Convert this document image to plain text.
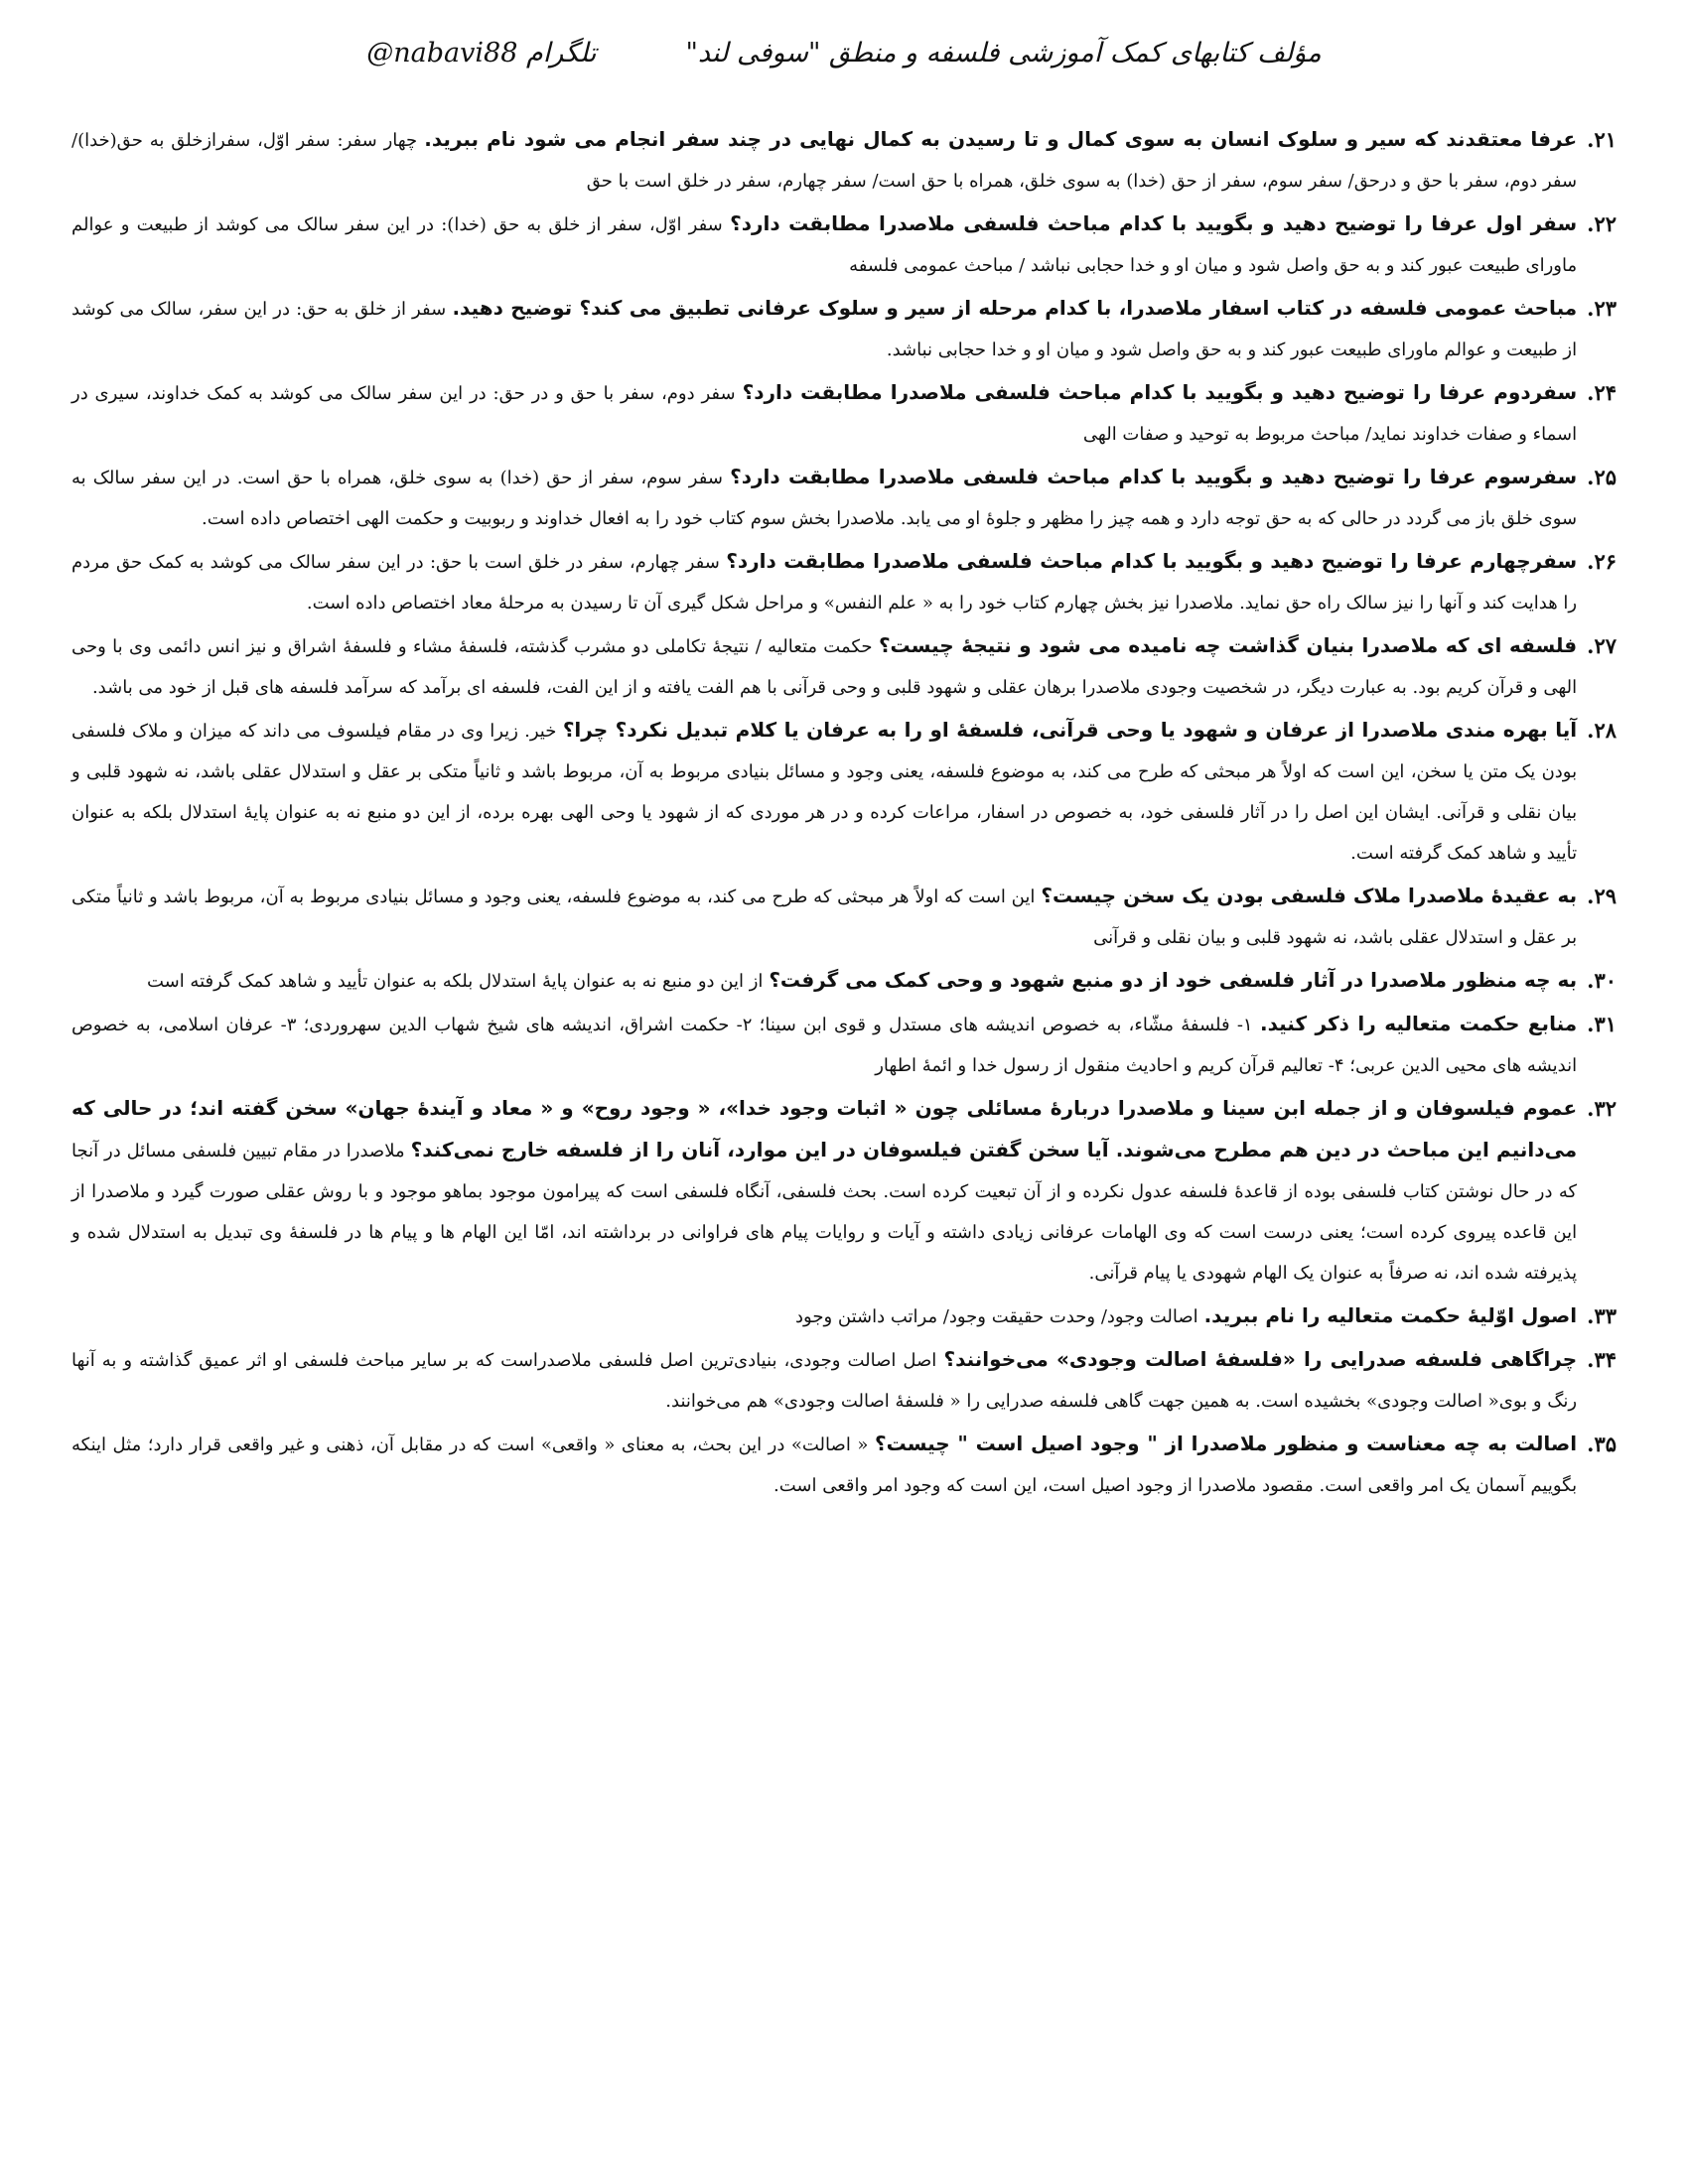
مؤلف کتابهای کمک آموزشی فلسفه و منطق "سوفی لند"
@nabavi88 تلگرام
۲۱.
عرفا معتقدند که سیر و سلوک انسان به سوی کمال و تا رسیدن به کمال نهایی در چند سفر انجام می شود نام ببرید. چهار سفر: سفر اوّل، سفرازخلق به حق(خدا)/ سفر دوم، سفر با حق و درحق/ سفر سوم، سفر از حق (خدا) به سوی خلق، همراه با حق است/ سفر چهارم، سفر در خلق است با حق
۲۲.
سفر اول عرفا را توضیح دهید و بگویید با کدام مباحث فلسفی ملاصدرا مطابقت دارد؟ سفر اوّل، سفر از خلق به حق (خدا): در این سفر سالک می کوشد از طبیعت و عوالم ماورای طبیعت عبور کند و به حق واصل شود و میان او و خدا حجابی نباشد / مباحث عمومی فلسفه
۲۳.
مباحث عمومی فلسفه در کتاب اسفار ملاصدرا، با کدام مرحله از سیر و سلوک عرفانی تطبیق می کند؟ توضیح دهید. سفر از خلق به حق: در این سفر، سالک می کوشد از طبیعت و عوالم ماورای طبیعت عبور کند و به حق واصل شود و میان او و خدا حجابی نباشد.
۲۴.
سفردوم عرفا را توضیح دهید و بگویید با کدام مباحث فلسفی ملاصدرا مطابقت دارد؟ سفر دوم، سفر با حق و در حق: در این سفر سالک می کوشد به کمک خداوند، سیری در اسماء و صفات خداوند نماید/ مباحث مربوط به توحید و صفات الهی
۲۵.
سفرسوم عرفا را توضیح دهید و بگویید با کدام مباحث فلسفی ملاصدرا مطابقت دارد؟ سفر سوم، سفر از حق (خدا) به سوی خلق، همراه با حق است. در این سفر سالک به سوی خلق باز می گردد در حالی که به حق توجه دارد و همه چیز را مظهر و جلوهٔ او می یابد. ملاصدرا بخش سوم کتاب خود را به افعال خداوند و ربوبیت و حکمت الهی اختصاص داده است.
۲۶.
سفرچهارم عرفا را توضیح دهید و بگویید با کدام مباحث فلسفی ملاصدرا مطابقت دارد؟ سفر چهارم، سفر در خلق است با حق: در این سفر سالک می کوشد به کمک حق مردم را هدایت کند و آنها را نیز سالک راه حق نماید. ملاصدرا نیز بخش چهارم کتاب خود را به « علم النفس» و مراحل شکل گیری آن تا رسیدن به مرحلهٔ معاد اختصاص داده است.
۲۷.
فلسفه ای که ملاصدرا بنیان گذاشت چه نامیده می شود و نتیجهٔ چیست؟ حکمت متعالیه / نتیجهٔ تکاملی دو مشرب گذشته، فلسفهٔ مشاء و فلسفهٔ اشراق و نیز انس دائمی وی با وحی الهی و قرآن کریم بود. به عبارت دیگر، در شخصیت وجودی ملاصدرا برهان عقلی و شهود قلبی و وحی قرآنی با هم الفت یافته و از این الفت، فلسفه ای برآمد که سرآمد فلسفه های قبل از خود می باشد.
۲۸.
آیا بهره مندی ملاصدرا از عرفان و شهود یا وحی قرآنی، فلسفهٔ او را به عرفان یا کلام تبدیل نکرد؟ چرا؟ خیر. زیرا وی در مقام فیلسوف می داند که میزان و ملاک فلسفی بودن یک متن یا سخن، این است که اولاً هر مبحثی که طرح می کند، به موضوع فلسفه، یعنی وجود و مسائل بنیادی مربوط به آن، مربوط باشد و ثانیاً متکی بر عقل و استدلال عقلی باشد، نه شهود قلبی و بیان نقلی و قرآنی. ایشان این اصل را در آثار فلسفی خود، به خصوص در اسفار، مراعات کرده و در هر موردی که از شهود یا وحی الهی بهره برده، از این دو منبع نه به عنوان پایهٔ استدلال بلکه به عنوان تأیید و شاهد کمک گرفته است.
۲۹.
به عقیدهٔ ملاصدرا ملاک فلسفی بودن یک سخن چیست؟ این است که اولاً هر مبحثی که طرح می کند، به موضوع فلسفه، یعنی وجود و مسائل بنیادی مربوط به آن، مربوط باشد و ثانیاً متکی بر عقل و استدلال عقلی باشد، نه شهود قلبی و بیان نقلی و قرآنی
۳۰.
به چه منظور ملاصدرا در آثار فلسفی خود از دو منبع شهود و وحی کمک می گرفت؟ از این دو منبع نه به عنوان پایهٔ استدلال بلکه به عنوان تأیید و شاهد کمک گرفته است
۳۱.
منابع حکمت متعالیه را ذکر کنید. ۱- فلسفهٔ مشّاء، به خصوص اندیشه های مستدل و قوی ابن سینا؛ ۲- حکمت اشراق، اندیشه های شیخ شهاب الدین سهروردی؛ ۳- عرفان اسلامی، به خصوص اندیشه های محیی الدین عربی؛ ۴- تعالیم قرآن کریم و احادیث منقول از رسول خدا و ائمهٔ اطهار
۳۲.
عموم فیلسوفان و از جمله ابن سینا و ملاصدرا دربارهٔ مسائلی چون « اثبات وجود خدا»، « وجود روح» و « معاد و آیندهٔ جهان» سخن گفته اند؛ در حالی که می‌دانیم این مباحث در دین هم مطرح می‌شوند. آیا سخن گفتن فیلسوفان در این موارد، آنان را از فلسفه خارج نمی‌کند؟ ملاصدرا در مقام تبیین فلسفی مسائل در آنجا که در حال نوشتن کتاب فلسفی بوده از قاعدهٔ فلسفه عدول نکرده و از آن تبعیت کرده است. بحث فلسفی، آنگاه فلسفی است که پیرامون موجود بماهو موجود و با روش عقلی صورت گیرد و ملاصدرا از این قاعده پیروی کرده است؛ یعنی درست است که وی الهامات عرفانی زیادی داشته و آیات و روایات پیام های فراوانی در برداشته اند، امّا این الهام ها و پیام ها در فلسفهٔ وی تبدیل به استدلال شده و پذیرفته شده اند، نه صرفاً به عنوان یک الهام شهودی یا پیام قرآنی.
۳۳.
اصول اوّلیهٔ حکمت متعالیه را نام ببرید. اصالت وجود/ وحدت حقیقت وجود/ مراتب داشتن وجود
۳۴.
چراگاهی فلسفه صدرایی را «فلسفهٔ اصالت وجودی» می‌خوانند؟ اصل اصالت وجودی، بنیادی‌ترین اصل فلسفی ملاصدراست که بر سایر مباحث فلسفی او اثر عمیق گذاشته و به آنها رنگ و بوی« اصالت وجودی» بخشیده است. به همین جهت گاهی فلسفه صدرایی را « فلسفهٔ اصالت وجودی» هم می‌خوانند.
۳۵.
اصالت به چه معناست و منظور ملاصدرا از " وجود اصیل است " چیست؟ « اصالت» در این بحث، به معنای « واقعی» است که در مقابل آن، ذهنی و غیر واقعی قرار دارد؛ مثل اینکه بگوییم آسمان یک امر واقعی است. مقصود ملاصدرا از وجود اصیل است، این است که وجود امر واقعی است.
